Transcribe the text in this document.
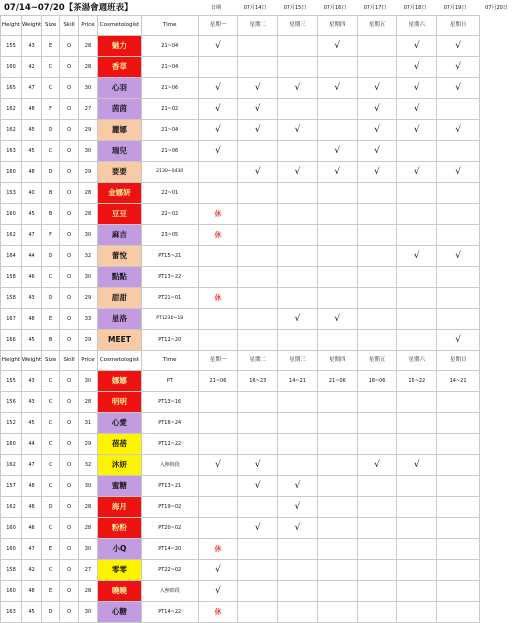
07/14~07/20【茶湯會週班表】	日期	07月14日	07月15日	07月16日	07月17日	07月18日	07月19日	07月20日
Height	Weight	Size	Skill	Price	Cosmetologist	Time	星期一	星期二	星期三	星期四	星期五	星期六	星期日
155	43	E	O	28	魅力	21~04	√			√		√	√
160	42	C	O	28	香草	21~04						√	√
165	47	C	O	30	心羽	21~06	√	√	√	√	√	√	√
162	48	F	O	27	茵茵	21~02	√	√			√	√	
162	45	D	O	29	麗娜	21~04	√	√	√		√	√	√
163	45	C	O	30	瑞兒	21~06	√			√	√		
160	48	D	O	29	要要	2130~0430		√	√	√	√	√	√
153	40	B	O	28	金娜妍	22~01							
160	45	B	O	28	豆豆	22~02	休						
162	47	F	O	30	麻吉	23~05	休						
164	44	D	O	32	蕾悅	PT15~21						√	√
158	46	C	O	30	點點	PT13~22							
158	43	D	O	29	甜甜	PT21~01	休						
167	48	E	O	33	星洛	PT1230~18			√	√			
166	45	B	O	29	MEET	PT12~20							√
Height	Weight	Size	Skill	Price	Cosmetologist	Time	星期一	星期二	星期三	星期四	星期五	星期六	星期日
155	43	C	O	30	娜娜	PT	21~06	16~23	14~21	21~06	18~06	15~22	14~21
156	43	C	O	28	明明	PT13~16							
152	45	C	O	31	心愛	PT16~24							
160	44	C	O	29	蓓蓓	PT12~22							
162	47	C	O	32	沐妍	入無時段	√	√			√	√	
157	48	C	O	30	蜜糖	PT13~21		√	√				
162	48	D	O	28	海月	PT19~02			√				
160	46	C	O	28	粉粉	PT20~02		√	√				
160	47	E	O	30	小Q	PT14~20	休						
158	42	C	O	27	零零	PT22~02	√						
160	48	E	O	28	曉曉	入無時段	√						
163	45	D	O	30	心糖	PT14~22	休						
